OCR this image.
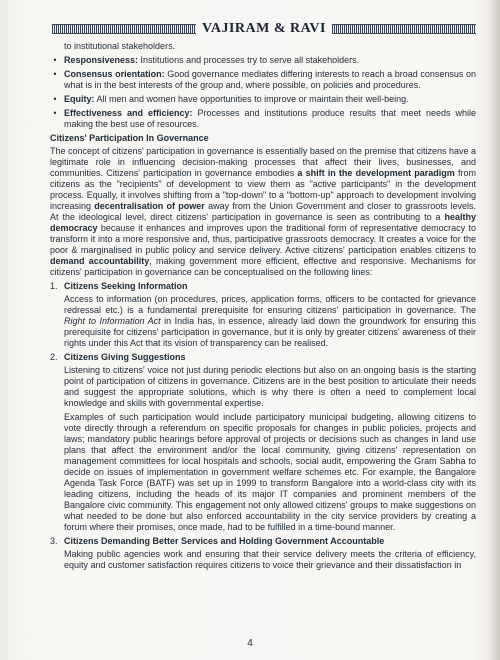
VAJIRAM & RAVI

to institutional stakeholders.

• Responsiveness: Institutions and processes try to serve all stakeholders.

• Consensus orientation: Good governance mediates differing interests to reach a broad consensus on what is in the best interests of the group and, where possible, on policies and procedures.

• Equity: All men and women have opportunities to improve or maintain their well-being.

• Effectiveness and efficiency: Processes and institutions produce results that meet needs while making the best use of resources.

Citizens' Participation In Governance

The concept of citizens' participation in governance is essentially based on the premise that citizens have a legitimate role in influencing decision-making processes that affect their lives, businesses, and communities. Citizens' participation in governance embodies a shift in the development paradigm from citizens as the "recipients" of development to view them as "active participants" in the development process. Equally, it involves shifting from a "top-down" to a "bottom-up" approach to development involving increasing decentralisation of power away from the Union Government and closer to grassroots levels. At the ideological level, direct citizens' participation in governance is seen as contributing to a healthy democracy because it enhances and improves upon the traditional form of representative democracy to transform it into a more responsive and, thus, participative grassroots democracy. It creates a voice for the poor & marginalised in public policy and service delivery. Active citizens' participation enables citizens to demand accountability, making government more efficient, effective and responsive. Mechanisms for citizens' participation in governance can be conceptualised on the following lines:

1. Citizens Seeking Information

Access to information (on procedures, prices, application forms, officers to be contacted for grievance redressal etc.) is a fundamental prerequisite for ensuring citizens' participation in governance. The Right to Information Act in India has, in essence, already laid down the groundwork for ensuring this prerequisite for citizens' participation in governance, but it is only by greater citizens' awareness of their rights under this Act that its vision of transparency can be realised.

2. Citizens Giving Suggestions

Listening to citizens' voice not just during periodic elections but also on an ongoing basis is the starting point of participation of citizens in governance. Citizens are in the best position to articulate their needs and suggest the appropriate solutions, which is why there is often a need to complement local knowledge and skills with governmental expertise.

Examples of such participation would include participatory municipal budgeting, allowing citizens to vote directly through a referendum on specific proposals for changes in public policies, projects and laws; mandatory public hearings before approval of projects or decisions such as changes in land use plans that affect the environment and/or the local community, giving citizens' representation on management committees for local hospitals and schools, social audit, empowering the Gram Sabha to decide on issues of implementation in government welfare schemes etc. For example, the Bangalore Agenda Task Force (BATF) was set up in 1999 to transform Bangalore into a world-class city with its leading citizens, including the heads of its major IT companies and prominent members of the Bangalore civic community. This engagement not only allowed citizens' groups to make suggestions on what needed to be done but also enforced accountability in the city service providers by creating a forum where their promises, once made, had to be fulfilled in a time-bound manner.

3. Citizens Demanding Better Services and Holding Government Accountable

Making public agencies work and ensuring that their service delivery meets the criteria of efficiency, equity and customer satisfaction requires citizens to voice their grievance and their dissatisfaction in

4
